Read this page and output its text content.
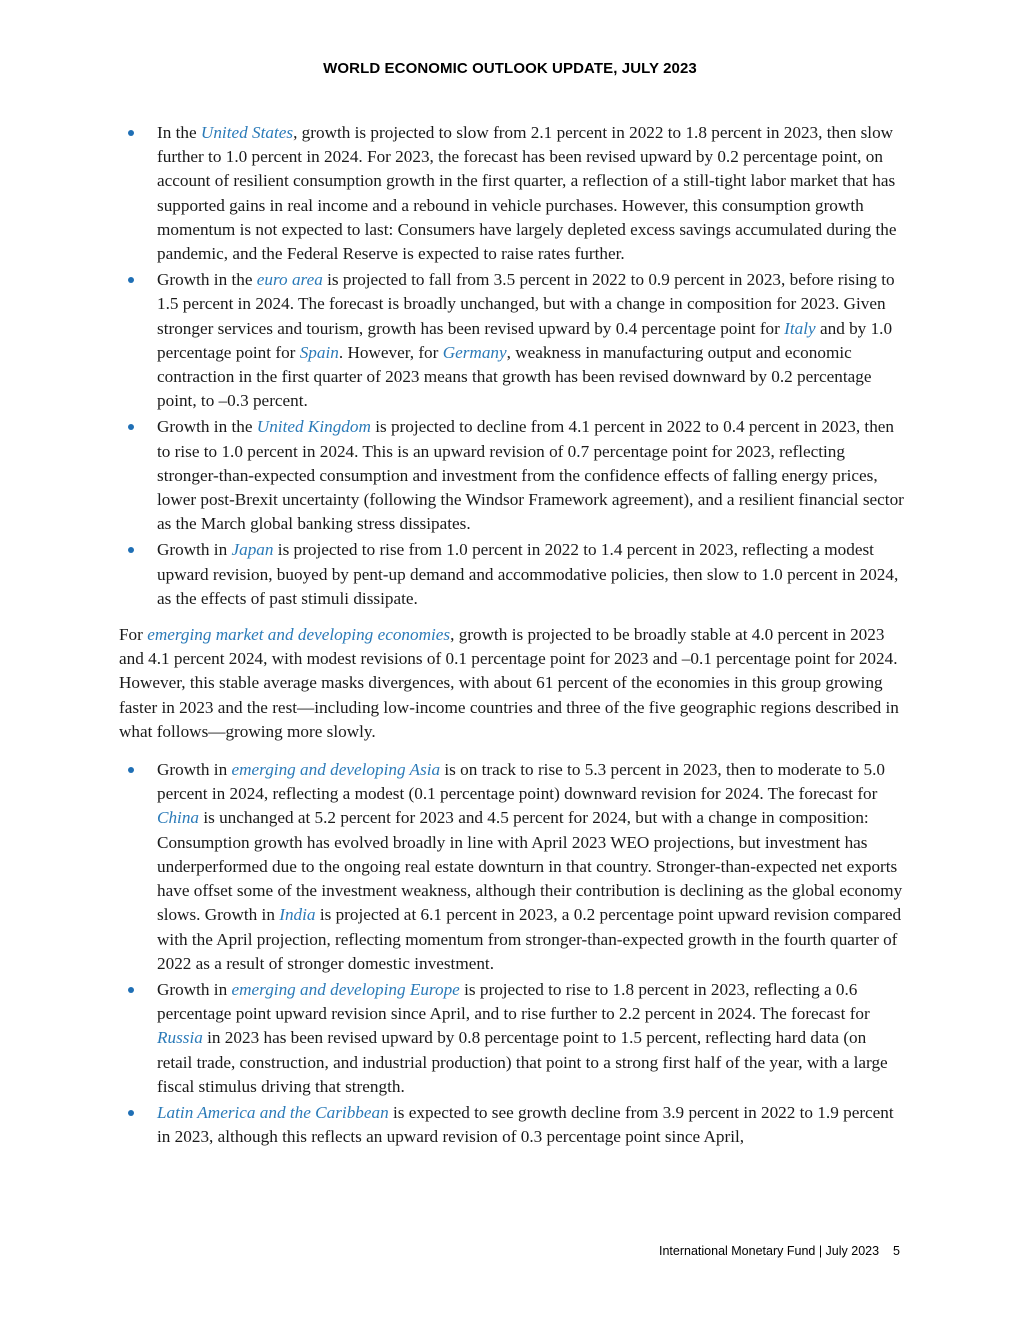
WORLD ECONOMIC OUTLOOK UPDATE, JULY 2023
In the United States, growth is projected to slow from 2.1 percent in 2022 to 1.8 percent in 2023, then slow further to 1.0 percent in 2024. For 2023, the forecast has been revised upward by 0.2 percentage point, on account of resilient consumption growth in the first quarter, a reflection of a still-tight labor market that has supported gains in real income and a rebound in vehicle purchases. However, this consumption growth momentum is not expected to last: Consumers have largely depleted excess savings accumulated during the pandemic, and the Federal Reserve is expected to raise rates further.
Growth in the euro area is projected to fall from 3.5 percent in 2022 to 0.9 percent in 2023, before rising to 1.5 percent in 2024. The forecast is broadly unchanged, but with a change in composition for 2023. Given stronger services and tourism, growth has been revised upward by 0.4 percentage point for Italy and by 1.0 percentage point for Spain. However, for Germany, weakness in manufacturing output and economic contraction in the first quarter of 2023 means that growth has been revised downward by 0.2 percentage point, to –0.3 percent.
Growth in the United Kingdom is projected to decline from 4.1 percent in 2022 to 0.4 percent in 2023, then to rise to 1.0 percent in 2024. This is an upward revision of 0.7 percentage point for 2023, reflecting stronger-than-expected consumption and investment from the confidence effects of falling energy prices, lower post-Brexit uncertainty (following the Windsor Framework agreement), and a resilient financial sector as the March global banking stress dissipates.
Growth in Japan is projected to rise from 1.0 percent in 2022 to 1.4 percent in 2023, reflecting a modest upward revision, buoyed by pent-up demand and accommodative policies, then slow to 1.0 percent in 2024, as the effects of past stimuli dissipate.

For emerging market and developing economies, growth is projected to be broadly stable at 4.0 percent in 2023 and 4.1 percent 2024, with modest revisions of 0.1 percentage point for 2023 and –0.1 percentage point for 2024. However, this stable average masks divergences, with about 61 percent of the economies in this group growing faster in 2023 and the rest—including low-income countries and three of the five geographic regions described in what follows—growing more slowly.

Growth in emerging and developing Asia is on track to rise to 5.3 percent in 2023, then to moderate to 5.0 percent in 2024, reflecting a modest (0.1 percentage point) downward revision for 2024. The forecast for China is unchanged at 5.2 percent for 2023 and 4.5 percent for 2024, but with a change in composition: Consumption growth has evolved broadly in line with April 2023 WEO projections, but investment has underperformed due to the ongoing real estate downturn in that country. Stronger-than-expected net exports have offset some of the investment weakness, although their contribution is declining as the global economy slows. Growth in India is projected at 6.1 percent in 2023, a 0.2 percentage point upward revision compared with the April projection, reflecting momentum from stronger-than-expected growth in the fourth quarter of 2022 as a result of stronger domestic investment.
Growth in emerging and developing Europe is projected to rise to 1.8 percent in 2023, reflecting a 0.6 percentage point upward revision since April, and to rise further to 2.2 percent in 2024. The forecast for Russia in 2023 has been revised upward by 0.8 percentage point to 1.5 percent, reflecting hard data (on retail trade, construction, and industrial production) that point to a strong first half of the year, with a large fiscal stimulus driving that strength.
Latin America and the Caribbean is expected to see growth decline from 3.9 percent in 2022 to 1.9 percent in 2023, although this reflects an upward revision of 0.3 percentage point since April,
International Monetary Fund | July 2023 5
